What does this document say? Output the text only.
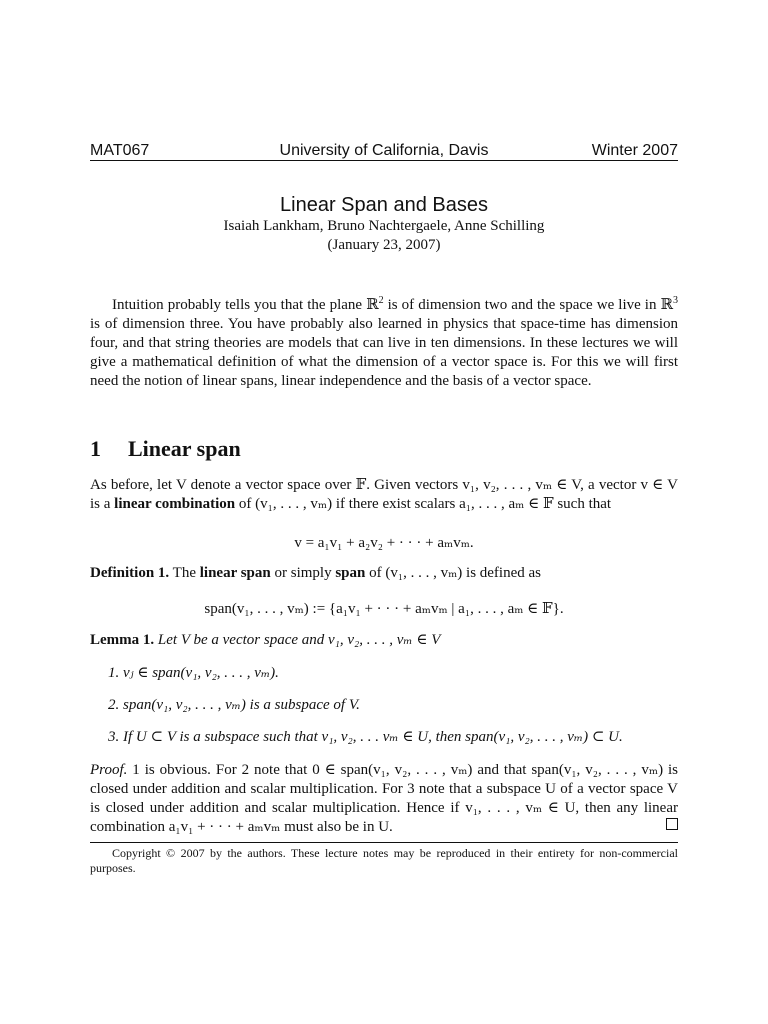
MAT067	University of California, Davis	Winter 2007
Linear Span and Bases
Isaiah Lankham, Bruno Nachtergaele, Anne Schilling
(January 23, 2007)
Intuition probably tells you that the plane ℝ$^2$ is of dimension two and the space we live in ℝ$^3$ is of dimension three. You have probably also learned in physics that space-time has dimension four, and that string theories are models that can live in ten dimensions. In these lectures we will give a mathematical definition of what the dimension of a vector space is. For this we will first need the notion of linear spans, linear independence and the basis of a vector space.
1 Linear span
As before, let V denote a vector space over 𝔽. Given vectors v₁, v₂, . . . , vₘ ∈ V, a vector v ∈ V is a linear combination of (v₁, . . . , vₘ) if there exist scalars a₁, . . . , aₘ ∈ 𝔽 such that
v = a₁v₁ + a₂v₂ + · · · + aₘvₘ.
Definition 1. The linear span or simply span of (v₁, . . . , vₘ) is defined as
span(v₁, . . . , vₘ) := {a₁v₁ + · · · + aₘvₘ | a₁, . . . , aₘ ∈ 𝔽}.
Lemma 1. Let V be a vector space and v₁, v₂, . . . , vₘ ∈ V
1. vⱼ ∈ span(v₁, v₂, . . . , vₘ).
2. span(v₁, v₂, . . . , vₘ) is a subspace of V.
3. If U ⊂ V is a subspace such that v₁, v₂, . . . vₘ ∈ U, then span(v₁, v₂, . . . , vₘ) ⊂ U.
Proof. 1 is obvious. For 2 note that 0 ∈ span(v₁, v₂, . . . , vₘ) and that span(v₁, v₂, . . . , vₘ) is closed under addition and scalar multiplication. For 3 note that a subspace U of a vector space V is closed under addition and scalar multiplication. Hence if v₁, . . . , vₘ ∈ U, then any linear combination a₁v₁ + · · · + aₘvₘ must also be in U.
Copyright © 2007 by the authors. These lecture notes may be reproduced in their entirety for non-commercial purposes.
